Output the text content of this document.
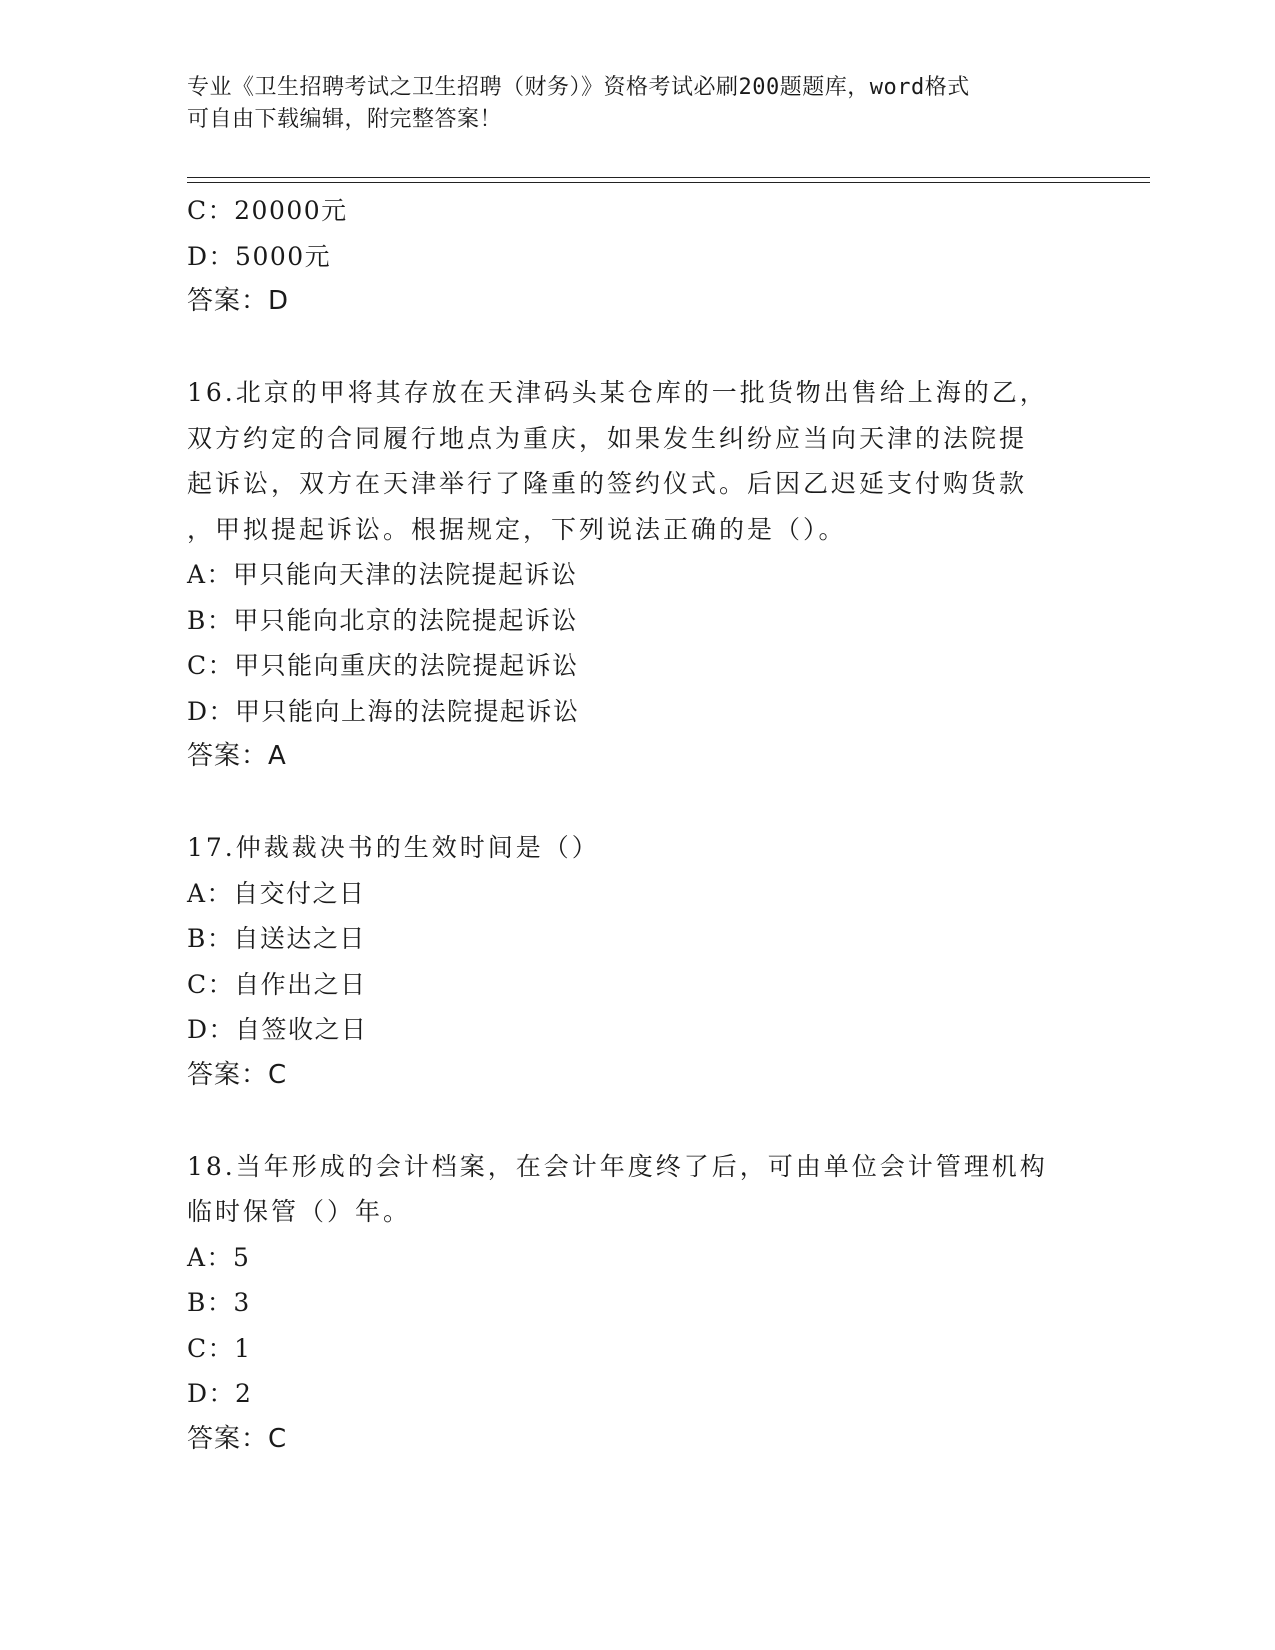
专业《卫生招聘考试之卫生招聘（财务）》资格考试必刷200题题库，word格式
可自由下载编辑，附完整答案！
C：20000元
D：5000元
答案：D
16.北京的甲将其存放在天津码头某仓库的一批货物出售给上海的乙，
双方约定的合同履行地点为重庆，如果发生纠纷应当向天津的法院提
起诉讼，双方在天津举行了隆重的签约仪式。后因乙迟延支付购货款
，甲拟提起诉讼。根据规定，下列说法正确的是（）。
A：甲只能向天津的法院提起诉讼
B：甲只能向北京的法院提起诉讼
C：甲只能向重庆的法院提起诉讼
D：甲只能向上海的法院提起诉讼
答案：A
17.仲裁裁决书的生效时间是（）
A：自交付之日
B：自送达之日
C：自作出之日
D：自签收之日
答案：C
18.当年形成的会计档案，在会计年度终了后，可由单位会计管理机构
临时保管（）年。
A：5
B：3
C：1
D：2
答案：C
